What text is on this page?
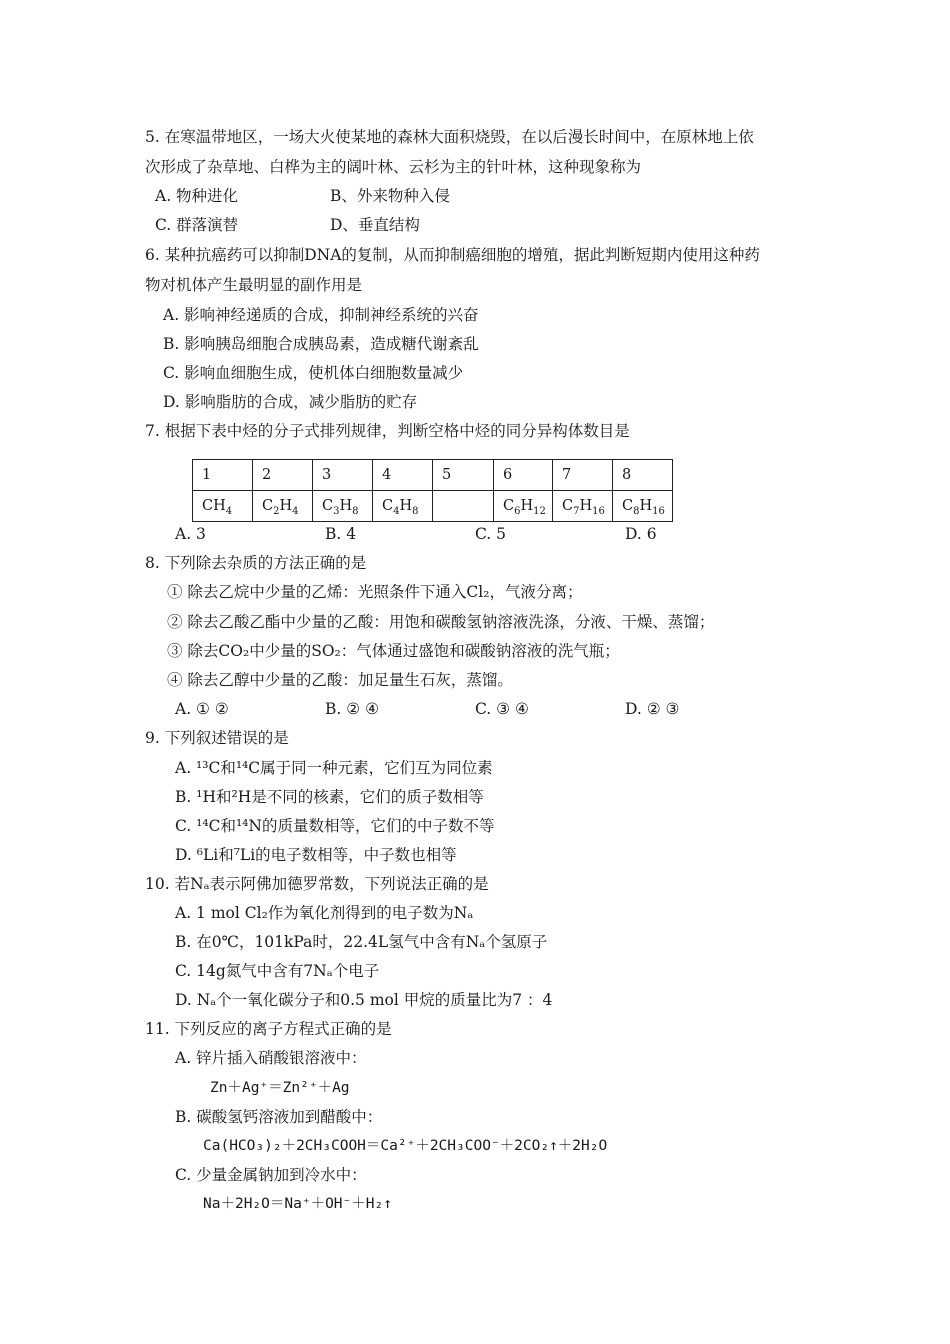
5. 在寒温带地区，一场大火使某地的森林大面积烧毁，在以后漫长时间中，在原林地上依
次形成了杂草地、白桦为主的阔叶林、云杉为主的针叶林，这种现象称为
A. 物种进化	B、外来物种入侵
C. 群落演替	D、垂直结构
6. 某种抗癌药可以抑制DNA的复制，从而抑制癌细胞的增殖，据此判断短期内使用这种药
物对机体产生最明显的副作用是
A. 影响神经递质的合成，抑制神经系统的兴奋
B. 影响胰岛细胞合成胰岛素，造成糖代谢紊乱
C. 影响血细胞生成，使机体白细胞数量减少
D. 影响脂肪的合成，减少脂肪的贮存
7. 根据下表中烃的分子式排列规律，判断空格中烃的同分异构体数目是
1	2	3	4	5	6	7	8
$CH_4$	$C_2H_4$	$C_3H_8$	$C_4H_8$		$C_6H_{12}$	$C_7H_{16}$	$C_8H_{16}$
A. 3	B. 4	C. 5	D. 6
8. 下列除去杂质的方法正确的是
① 除去乙烷中少量的乙烯：光照条件下通入Cl₂，气液分离；
② 除去乙酸乙酯中少量的乙酸：用饱和碳酸氢钠溶液洗涤，分液、干燥、蒸馏；
③ 除去CO₂中少量的SO₂：气体通过盛饱和碳酸钠溶液的洗气瓶；
④ 除去乙醇中少量的乙酸：加足量生石灰，蒸馏。
A. ① ②	B. ② ④	C. ③ ④	D. ② ③
9. 下列叙述错误的是
A. ¹³C和¹⁴C属于同一种元素，它们互为同位素
B. ¹H和²H是不同的核素，它们的质子数相等
C. ¹⁴C和¹⁴N的质量数相等，它们的中子数不等
D. ⁶Li和⁷Li的电子数相等，中子数也相等
10. 若Nₐ表示阿佛加德罗常数，下列说法正确的是
A. 1 mol Cl₂作为氧化剂得到的电子数为Nₐ
B. 在0℃，101kPa时，22.4L氢气中含有Nₐ个氢原子
C. 14g氮气中含有7Nₐ个电子
D. Nₐ个一氧化碳分子和0.5 mol 甲烷的质量比为7 ：4
11. 下列反应的离子方程式正确的是
A. 锌片插入硝酸银溶液中：
Zn＋Ag⁺＝Zn²⁺＋Ag
B. 碳酸氢钙溶液加到醋酸中：
Ca(HCO₃)₂＋2CH₃COOH＝Ca²⁺＋2CH₃COO⁻＋2CO₂↑＋2H₂O
C. 少量金属钠加到冷水中：
Na＋2H₂O＝Na⁺＋OH⁻＋H₂↑
